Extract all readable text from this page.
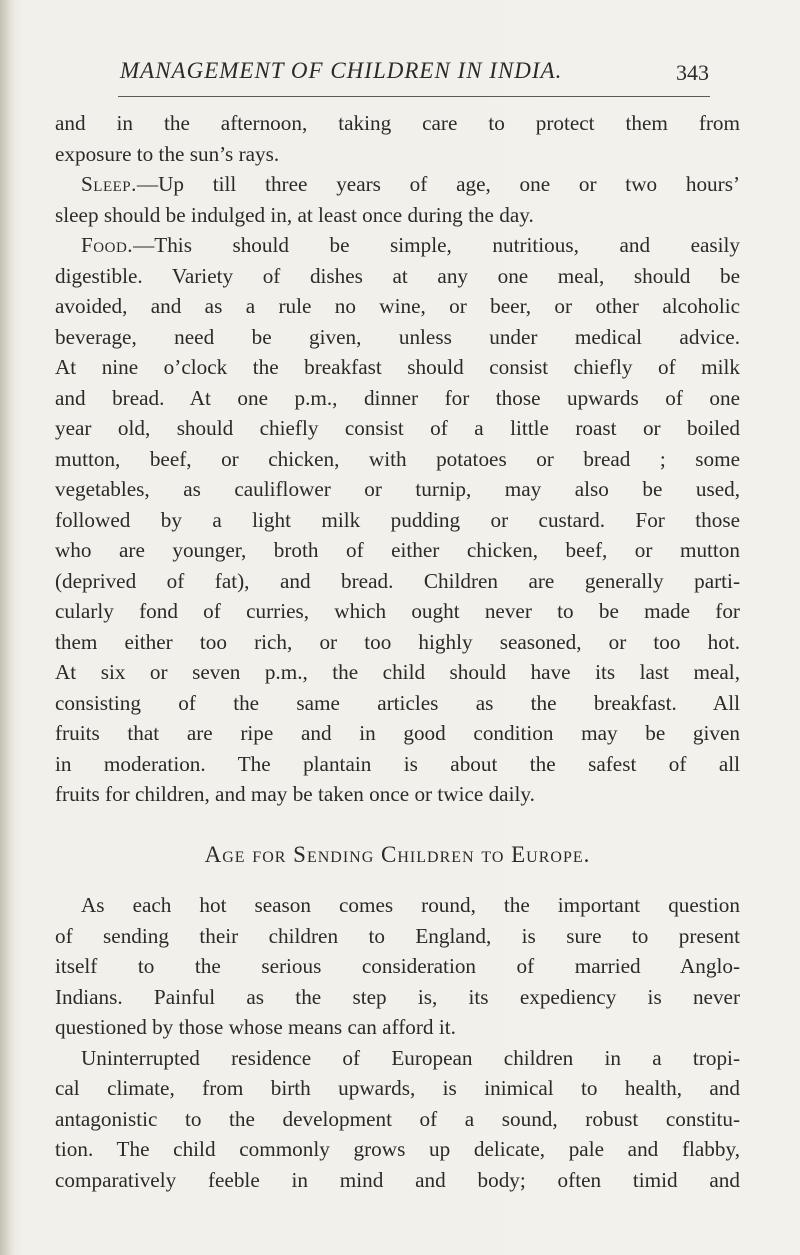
MANAGEMENT OF CHILDREN IN INDIA.	343
and in the afternoon, taking care to protect them from
exposure to the sun’s rays.
Sleep.—Up till three years of age, one or two hours’
sleep should be indulged in, at least once during the day.
Food.—This should be simple, nutritious, and easily
digestible. Variety of dishes at any one meal, should be
avoided, and as a rule no wine, or beer, or other alcoholic
beverage, need be given, unless under medical advice.
At nine o’clock the breakfast should consist chiefly of milk
and bread. At one p.m., dinner for those upwards of one
year old, should chiefly consist of a little roast or boiled
mutton, beef, or chicken, with potatoes or bread ; some
vegetables, as cauliflower or turnip, may also be used,
followed by a light milk pudding or custard. For those
who are younger, broth of either chicken, beef, or mutton
(deprived of fat), and bread. Children are generally parti-
cularly fond of curries, which ought never to be made for
them either too rich, or too highly seasoned, or too hot.
At six or seven p.m., the child should have its last meal,
consisting of the same articles as the breakfast. All
fruits that are ripe and in good condition may be given
in moderation. The plantain is about the safest of all
fruits for children, and may be taken once or twice daily.
Age for Sending Children to Europe.
As each hot season comes round, the important question
of sending their children to England, is sure to present
itself to the serious consideration of married Anglo-
Indians. Painful as the step is, its expediency is never
questioned by those whose means can afford it.
Uninterrupted residence of European children in a tropi-
cal climate, from birth upwards, is inimical to health, and
antagonistic to the development of a sound, robust constitu-
tion. The child commonly grows up delicate, pale and flabby,
comparatively feeble in mind and body; often timid and
